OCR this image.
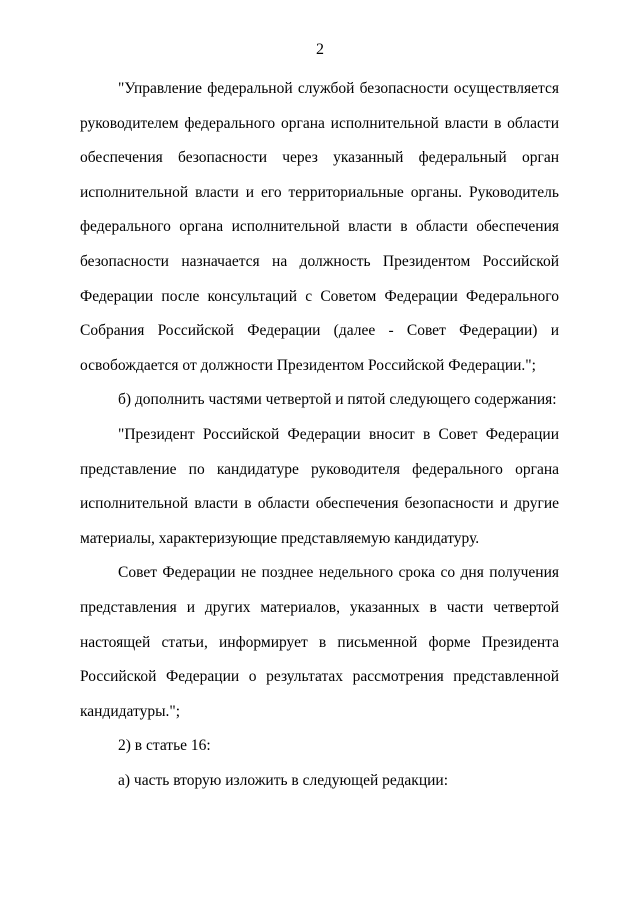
2

"Управление федеральной службой безопасности осуществляется руководителем федерального органа исполнительной власти в области обеспечения безопасности через указанный федеральный орган исполнительной власти и его территориальные органы. Руководитель федерального органа исполнительной власти в области обеспечения безопасности назначается на должность Президентом Российской Федерации после консультаций с Советом Федерации Федерального Собрания Российской Федерации (далее - Совет Федерации) и освобождается от должности Президентом Российской Федерации.";

б) дополнить частями четвертой и пятой следующего содержания:

"Президент Российской Федерации вносит в Совет Федерации представление по кандидатуре руководителя федерального органа исполнительной власти в области обеспечения безопасности и другие материалы, характеризующие представляемую кандидатуру.

Совет Федерации не позднее недельного срока со дня получения представления и других материалов, указанных в части четвертой настоящей статьи, информирует в письменной форме Президента Российской Федерации о результатах рассмотрения представленной кандидатуры.";

2) в статье 16:

а) часть вторую изложить в следующей редакции:
